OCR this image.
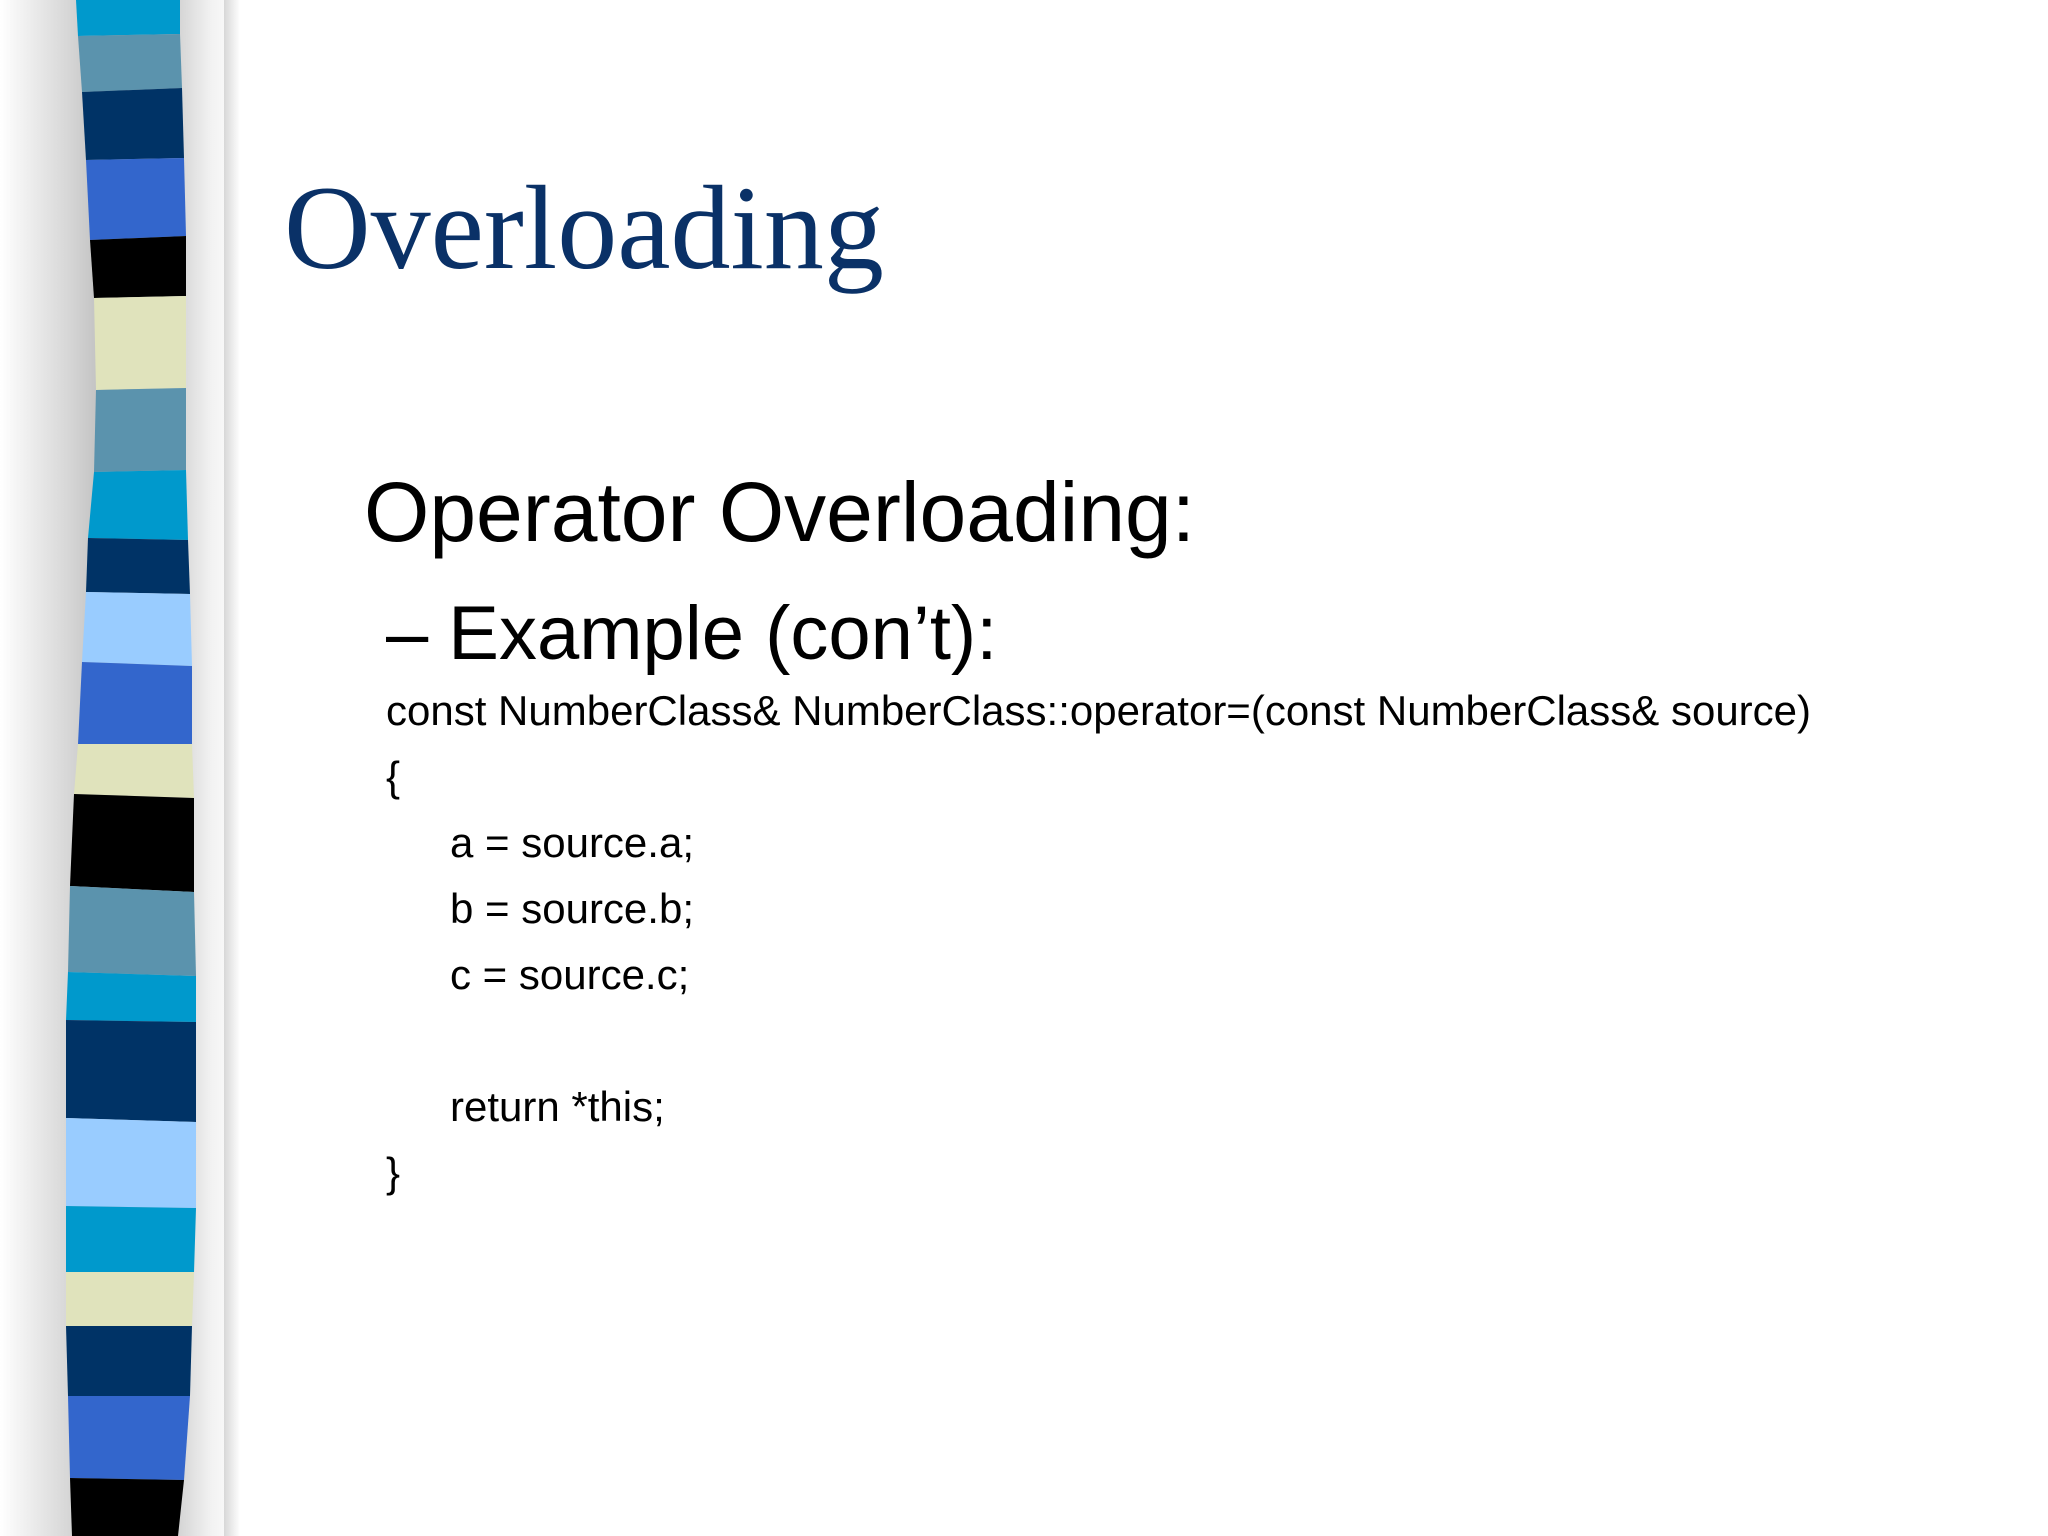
Overloading
Operator Overloading:
– Example (con’t):
const NumberClass& NumberClass::operator=(const NumberClass& source)
{
a = source.a;
b = source.b;
c = source.c;
return *this;
}
